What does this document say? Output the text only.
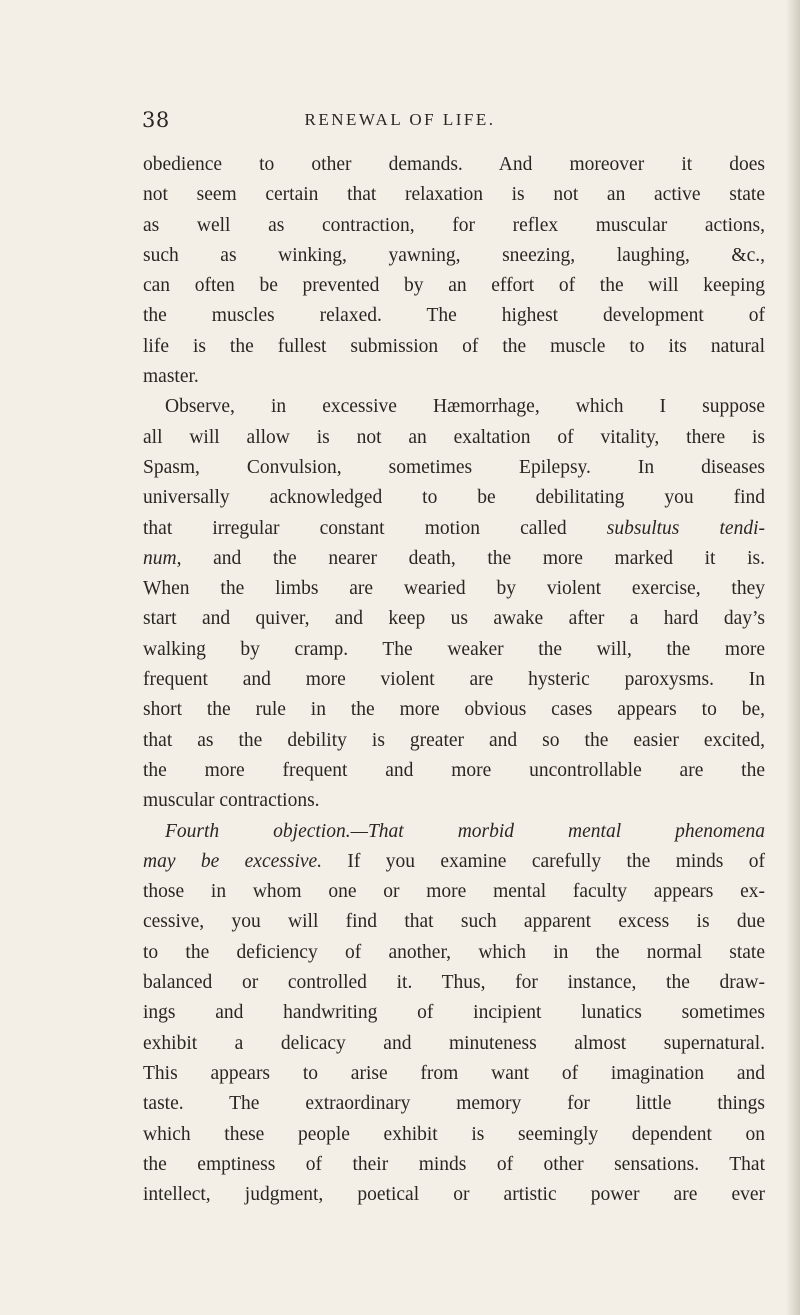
38	RENEWAL OF LIFE.
obedience to other demands. And moreover it does
not seem certain that relaxation is not an active state
as well as contraction, for reflex muscular actions,
such as winking, yawning, sneezing, laughing, &c.,
can often be prevented by an effort of the will keeping
the muscles relaxed. The highest development of
life is the fullest submission of the muscle to its natural
master.
Observe, in excessive Hæmorrhage, which I suppose
all will allow is not an exaltation of vitality, there is
Spasm, Convulsion, sometimes Epilepsy. In diseases
universally acknowledged to be debilitating you find
that irregular constant motion called subsultus tendi-
num, and the nearer death, the more marked it is.
When the limbs are wearied by violent exercise, they
start and quiver, and keep us awake after a hard day’s
walking by cramp. The weaker the will, the more
frequent and more violent are hysteric paroxysms. In
short the rule in the more obvious cases appears to be,
that as the debility is greater and so the easier excited,
the more frequent and more uncontrollable are the
muscular contractions.
Fourth objection.—That morbid mental phenomena
may be excessive. If you examine carefully the minds of
those in whom one or more mental faculty appears ex-
cessive, you will find that such apparent excess is due
to the deficiency of another, which in the normal state
balanced or controlled it. Thus, for instance, the draw-
ings and handwriting of incipient lunatics sometimes
exhibit a delicacy and minuteness almost supernatural.
This appears to arise from want of imagination and
taste. The extraordinary memory for little things
which these people exhibit is seemingly dependent on
the emptiness of their minds of other sensations. That
intellect, judgment, poetical or artistic power are ever
